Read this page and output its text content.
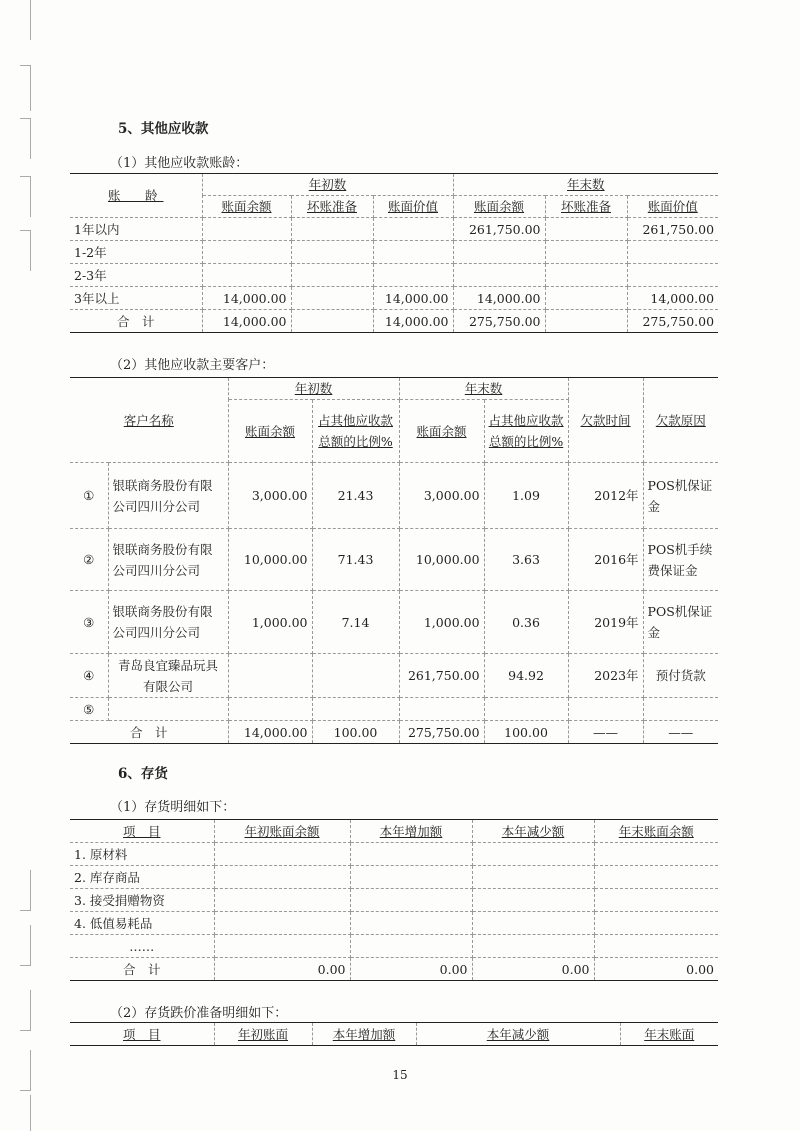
5、其他应收款
（1）其他应收款账龄：
账　龄	年初数			年末数		
	账面余额	坏账准备	账面价值	账面余额	坏账准备	账面价值
1年以内				261,750.00		261,750.00
1-2年						
2-3年						
3年以上	14,000.00		14,000.00	14,000.00		14,000.00
合　计	14,000.00		14,000.00	275,750.00		275,750.00
（2）其他应收款主要客户：
客户名称		年初数		年末数		欠款时间	欠款原因
		账面余额	占其他应收款总额的比例%	账面余额	占其他应收款总额的比例%		
①	银联商务股份有限公司四川分公司	3,000.00	21.43	3,000.00	1.09	2012年	POS机保证金
②	银联商务股份有限公司四川分公司	10,000.00	71.43	10,000.00	3.63	2016年	POS机手续费保证金
③	银联商务股份有限公司四川分公司	1,000.00	7.14	1,000.00	0.36	2019年	POS机保证金
④	青岛良宜臻品玩具有限公司			261,750.00	94.92	2023年	预付货款
⑤							
合　计		14,000.00	100.00	275,750.00	100.00	——	——
6、存货
（1）存货明细如下：
项　目	年初账面余额	本年增加额	本年减少额	年末账面余额
1. 原材料				
2. 库存商品				
3. 接受捐赠物资				
4. 低值易耗品				
……				
合　计	0.00	0.00	0.00	0.00
（2）存货跌价准备明细如下：
项　目	年初账面	本年增加额	本年减少额	年末账面
15
